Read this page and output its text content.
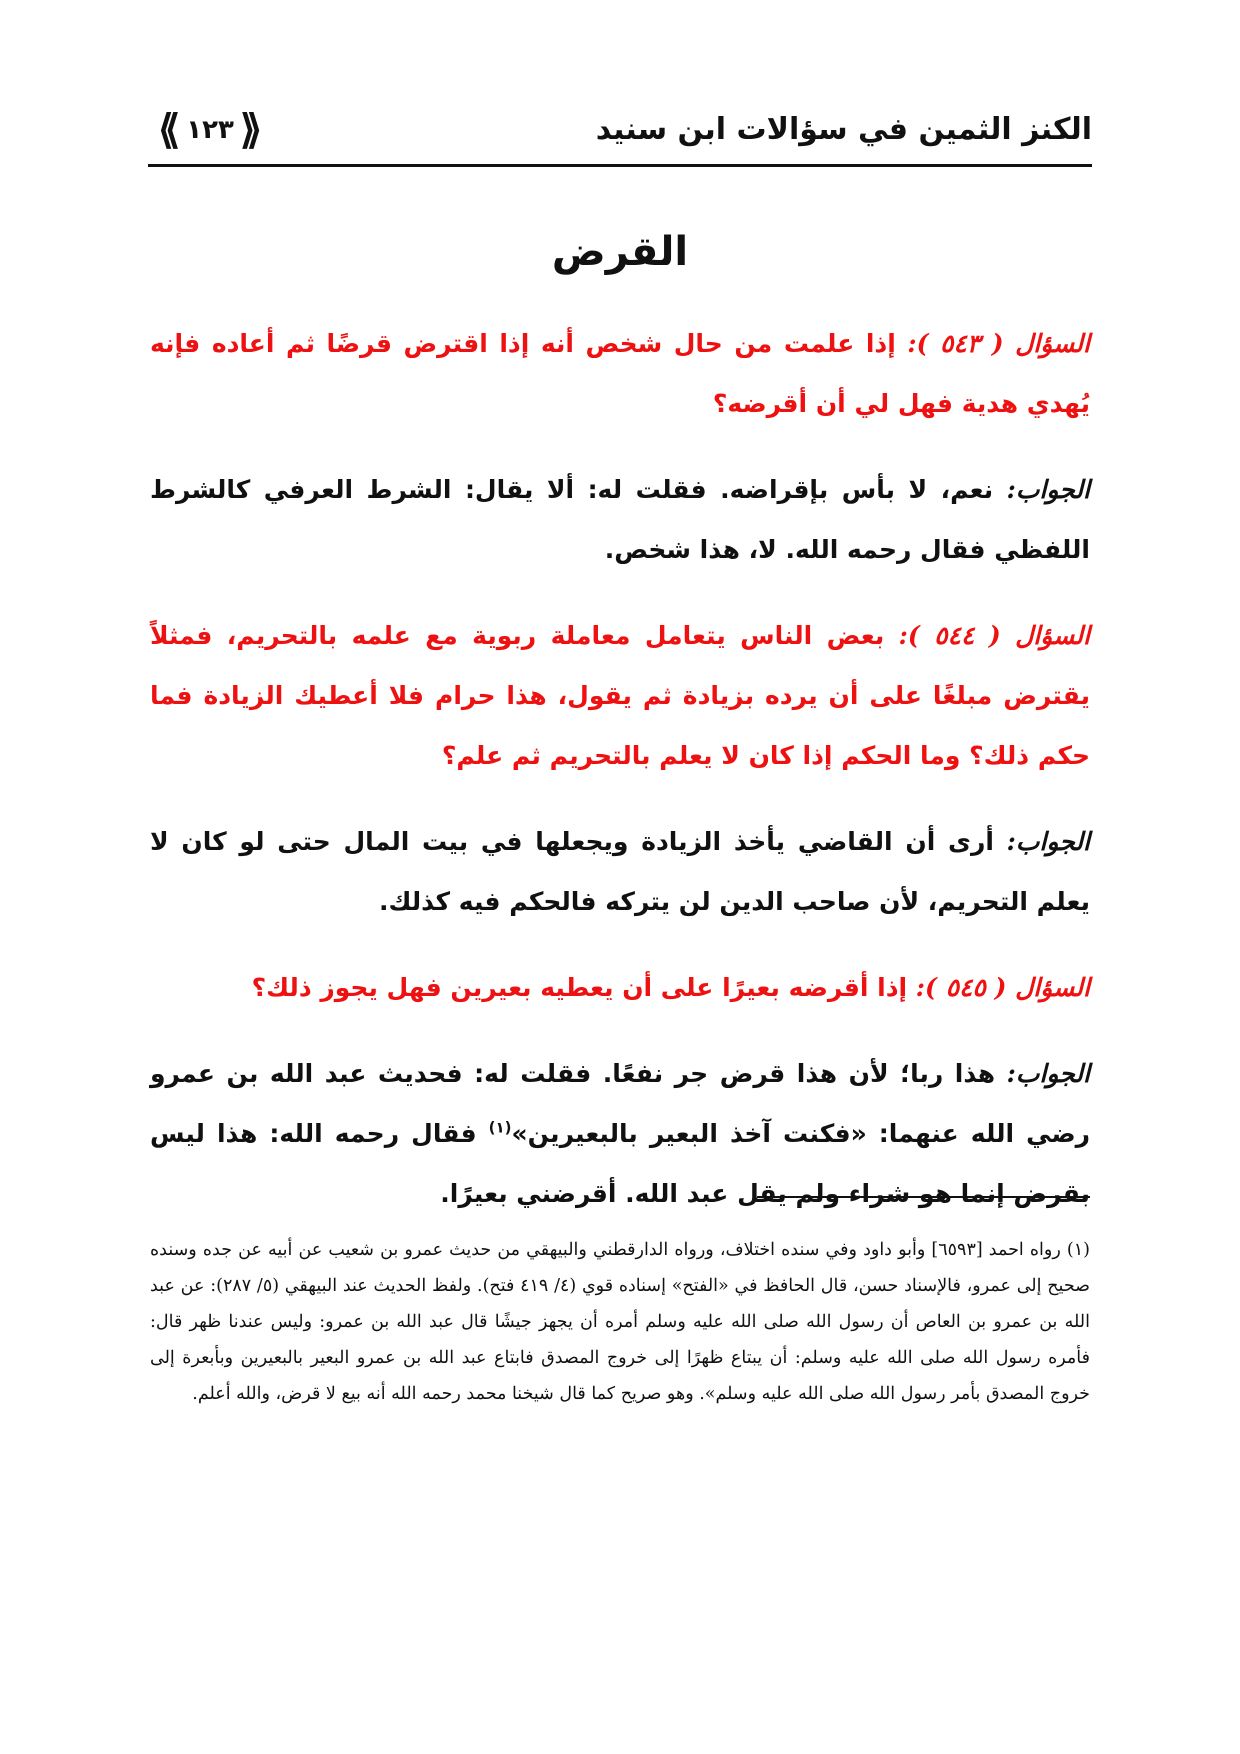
الكنز الثمين في سؤالات ابن سنيد
⟪ ١٢٣ ⟫
القرض

السؤال ( ٥٤٣ ): إذا علمت من حال شخص أنه إذا اقترض قرضًا ثم أعاده فإنه يُهدي هدية فهل لي أن أقرضه؟

الجواب: نعم، لا بأس بإقراضه. فقلت له: ألا يقال: الشرط العرفي كالشرط اللفظي فقال رحمه الله. لا، هذا شخص.

السؤال ( ٥٤٤ ): بعض الناس يتعامل معاملة ربوية مع علمه بالتحريم، فمثلاً يقترض مبلغًا على أن يرده بزيادة ثم يقول، هذا حرام فلا أعطيك الزيادة فما حكم ذلك؟ وما الحكم إذا كان لا يعلم بالتحريم ثم علم؟

الجواب: أرى أن القاضي يأخذ الزيادة ويجعلها في بيت المال حتى لو كان لا يعلم التحريم، لأن صاحب الدين لن يتركه فالحكم فيه كذلك.

السؤال ( ٥٤٥ ): إذا أقرضه بعيرًا على أن يعطيه بعيرين فهل يجوز ذلك؟

الجواب: هذا ربا؛ لأن هذا قرض جر نفعًا. فقلت له: فحديث عبد الله بن عمرو رضي الله عنهما: «فكنت آخذ البعير بالبعيرين»$^{(١)}$ فقال رحمه الله: هذا ليس بقرض إنما هو شراء ولم يقل عبد الله. أقرضني بعيرًا.

(١) رواه احمد [٦٥٩٣] وأبو داود وفي سنده اختلاف، ورواه الدارقطني والبيهقي من حديث عمرو بن شعيب عن أبيه عن جده وسنده صحيح إلى عمرو، فالإسناد حسن، قال الحافظ في «الفتح» إسناده قوي (٤/ ٤١٩ فتح). ولفظ الحديث عند البيهقي (٥/ ٢٨٧): عن عبد الله بن عمرو بن العاص أن رسول الله صلى الله عليه وسلم أمره أن يجهز جيشًا قال عبد الله بن عمرو: وليس عندنا ظهر قال: فأمره رسول الله صلى الله عليه وسلم: أن يبتاع ظهرًا إلى خروج المصدق فابتاع عبد الله بن عمرو البعير بالبعيرين وبأبعرة إلى خروج المصدق بأمر رسول الله صلى الله عليه وسلم». وهو صريح كما قال شيخنا محمد رحمه الله أنه بيع لا قرض، والله أعلم.
